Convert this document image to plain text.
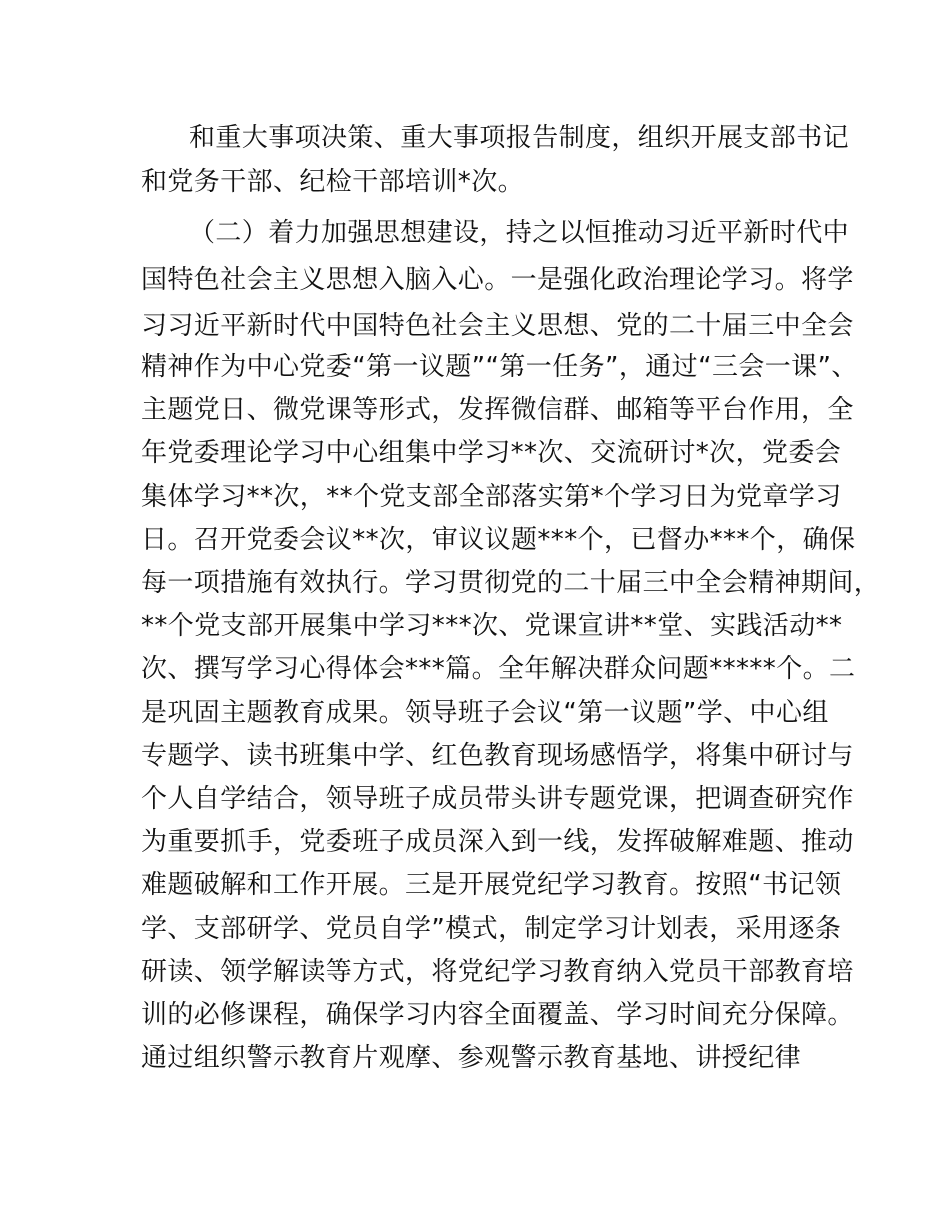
和重大事项决策、重大事项报告制度，组织开展支部书记
和党务干部、纪检干部培训*次。
（二）着力加强思想建设，持之以恒推动习近平新时代中
国特色社会主义思想入脑入心。一是强化政治理论学习。将学
习习近平新时代中国特色社会主义思想、党的二十届三中全会
精神作为中心党委“第一议题”“第一任务”，通过“三会一课”、
主题党日、微党课等形式，发挥微信群、邮箱等平台作用，全
年党委理论学习中心组集中学习**次、交流研讨*次，党委会
集体学习**次，**个党支部全部落实第*个学习日为党章学习
日。召开党委会议**次，审议议题***个，已督办***个，确保
每一项措施有效执行。学习贯彻党的二十届三中全会精神期间，
**个党支部开展集中学习***次、党课宣讲**堂、实践活动**
次、撰写学习心得体会***篇。全年解决群众问题*****个。二
是巩固主题教育成果。领导班子会议“第一议题”学、中心组
专题学、读书班集中学、红色教育现场感悟学，将集中研讨与
个人自学结合，领导班子成员带头讲专题党课，把调查研究作
为重要抓手，党委班子成员深入到一线，发挥破解难题、推动
难题破解和工作开展。三是开展党纪学习教育。按照“书记领
学、支部研学、党员自学”模式，制定学习计划表，采用逐条
研读、领学解读等方式，将党纪学习教育纳入党员干部教育培
训的必修课程，确保学习内容全面覆盖、学习时间充分保障。
通过组织警示教育片观摩、参观警示教育基地、讲授纪律
